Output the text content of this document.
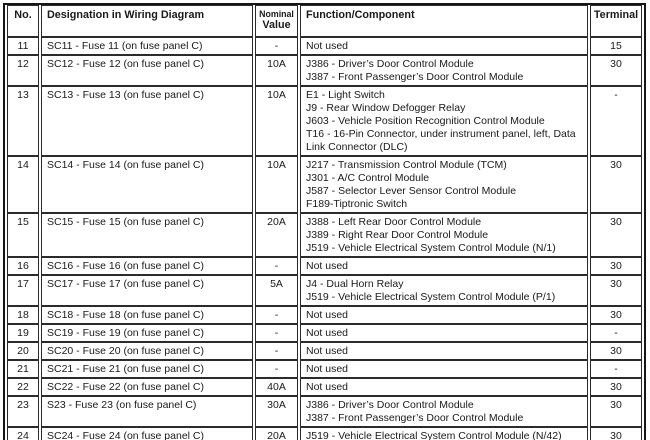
No.	Designation in Wiring Diagram	Nominal
Value	Function/Component	Terminal
11	SC11 - Fuse 11 (on fuse panel C)	-	Not used	15
12	SC12 - Fuse 12 (on fuse panel C)	10A	J386 - Driver’s Door Control Module
J387 - Front Passenger’s Door Control Module	30
13	SC13 - Fuse 13 (on fuse panel C)	10A	E1 - Light Switch
J9 - Rear Window Defogger Relay
J603 - Vehicle Position Recognition Control Module
T16 - 16-Pin Connector, under instrument panel, left, Data Link Connector (DLC)	-
14	SC14 - Fuse 14 (on fuse panel C)	10A	J217 - Transmission Control Module (TCM)
J301 - A/C Control Module
J587 - Selector Lever Sensor Control Module
F189-Tiptronic Switch	30
15	SC15 - Fuse 15 (on fuse panel C)	20A	J388 - Left Rear Door Control Module
J389 - Right Rear Door Control Module
J519 - Vehicle Electrical System Control Module (N/1)	30
16	SC16 - Fuse 16 (on fuse panel C)	-	Not used	30
17	SC17 - Fuse 17 (on fuse panel C)	5A	J4 - Dual Horn Relay
J519 - Vehicle Electrical System Control Module (P/1)	30
18	SC18 - Fuse 18 (on fuse panel C)	-	Not used	30
19	SC19 - Fuse 19 (on fuse panel C)	-	Not used	-
20	SC20 - Fuse 20 (on fuse panel C)	-	Not used	30
21	SC21 - Fuse 21 (on fuse panel C)	-	Not used	-
22	SC22 - Fuse 22 (on fuse panel C)	40A	Not used	30
23	S23 - Fuse 23 (on fuse panel C)	30A	J386 - Driver’s Door Control Module
J387 - Front Passenger’s Door Control Module	30
24	SC24 - Fuse 24 (on fuse panel C)	20A	J519 - Vehicle Electrical System Control Module (N/42)	30
